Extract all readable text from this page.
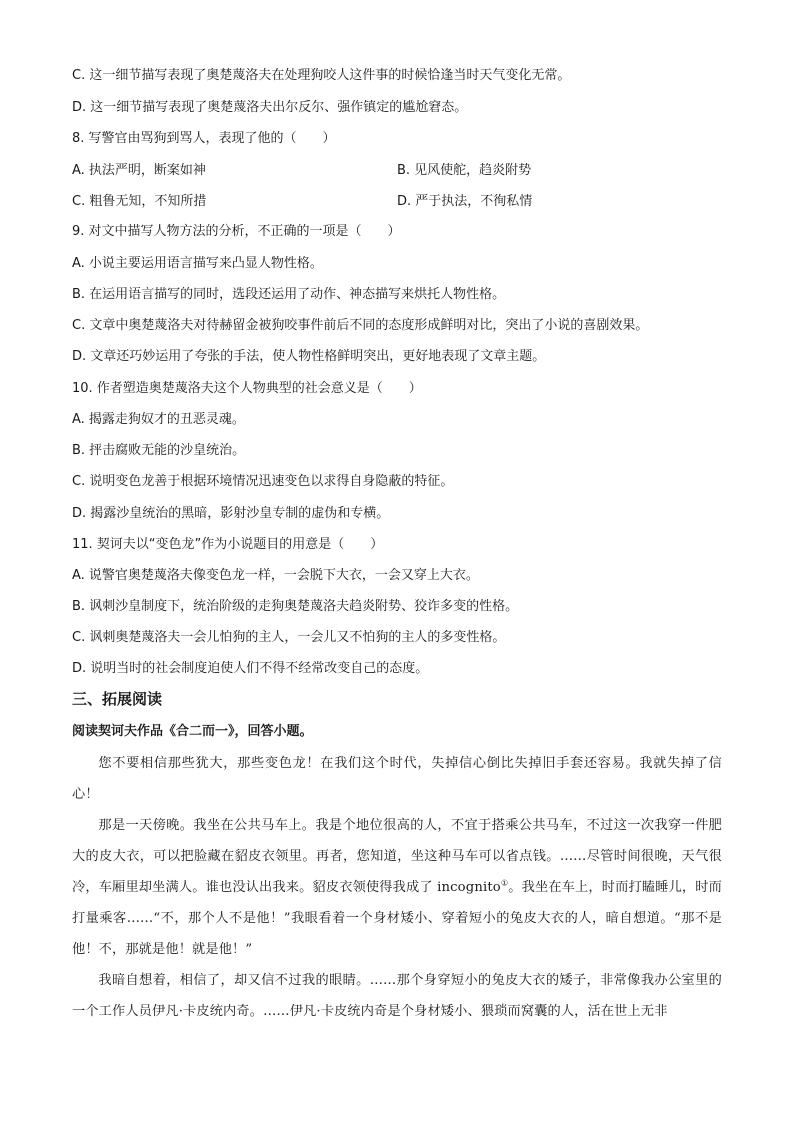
C. 这一细节描写表现了奥楚蔑洛夫在处理狗咬人这件事的时候恰逢当时天气变化无常。
D. 这一细节描写表现了奥楚蔑洛夫出尔反尔、强作镇定的尴尬窘态。
8. 写警官由骂狗到骂人，表现了他的（　　）
A. 执法严明，断案如神	B. 见风使舵，趋炎附势
C. 粗鲁无知，不知所措	D. 严于执法，不徇私情
9. 对文中描写人物方法的分析，不正确的一项是（　　）
A. 小说主要运用语言描写来凸显人物性格。
B. 在运用语言描写的同时，选段还运用了动作、神态描写来烘托人物性格。
C. 文章中奥楚蔑洛夫对待赫留金被狗咬事件前后不同的态度形成鲜明对比，突出了小说的喜剧效果。
D. 文章还巧妙运用了夸张的手法，使人物性格鲜明突出，更好地表现了文章主题。
10. 作者塑造奥楚蔑洛夫这个人物典型的社会意义是（　　）
A. 揭露走狗奴才的丑恶灵魂。
B. 抨击腐败无能的沙皇统治。
C. 说明变色龙善于根据环境情况迅速变色以求得自身隐蔽的特征。
D. 揭露沙皇统治的黑暗，影射沙皇专制的虚伪和专横。
11. 契诃夫以“变色龙”作为小说题目的用意是（　　）
A. 说警官奥楚蔑洛夫像变色龙一样，一会脱下大衣，一会又穿上大衣。
B. 讽刺沙皇制度下，统治阶级的走狗奥楚蔑洛夫趋炎附势、狡诈多变的性格。
C. 讽刺奥楚蔑洛夫一会儿怕狗的主人，一会儿又不怕狗的主人的多变性格。
D. 说明当时的社会制度迫使人们不得不经常改变自己的态度。
三、拓展阅读
阅读契诃夫作品《合二而一》，回答小题。
您不要相信那些犹大，那些变色龙！在我们这个时代，失掉信心倒比失掉旧手套还容易。我就失掉了信心！
那是一天傍晚。我坐在公共马车上。我是个地位很高的人，不宜于搭乘公共马车，不过这一次我穿一件肥大的皮大衣，可以把脸藏在貂皮衣领里。再者，您知道，坐这种马车可以省点钱。……尽管时间很晚，天气很冷，车厢里却坐满人。谁也没认出我来。貂皮衣领使得我成了 incognito①。我坐在车上，时而打瞌睡儿，时而打量乘客……“不，那个人不是他！”我眼看着一个身材矮小、穿着短小的兔皮大衣的人，暗自想道。“那不是他！不，那就是他！就是他！”
我暗自想着，相信了，却又信不过我的眼睛。……那个身穿短小的兔皮大衣的矮子，非常像我办公室里的一个工作人员伊凡·卡皮统内奇。……伊凡·卡皮统内奇是个身材矮小、猥琐而窝囊的人，活在世上无非
